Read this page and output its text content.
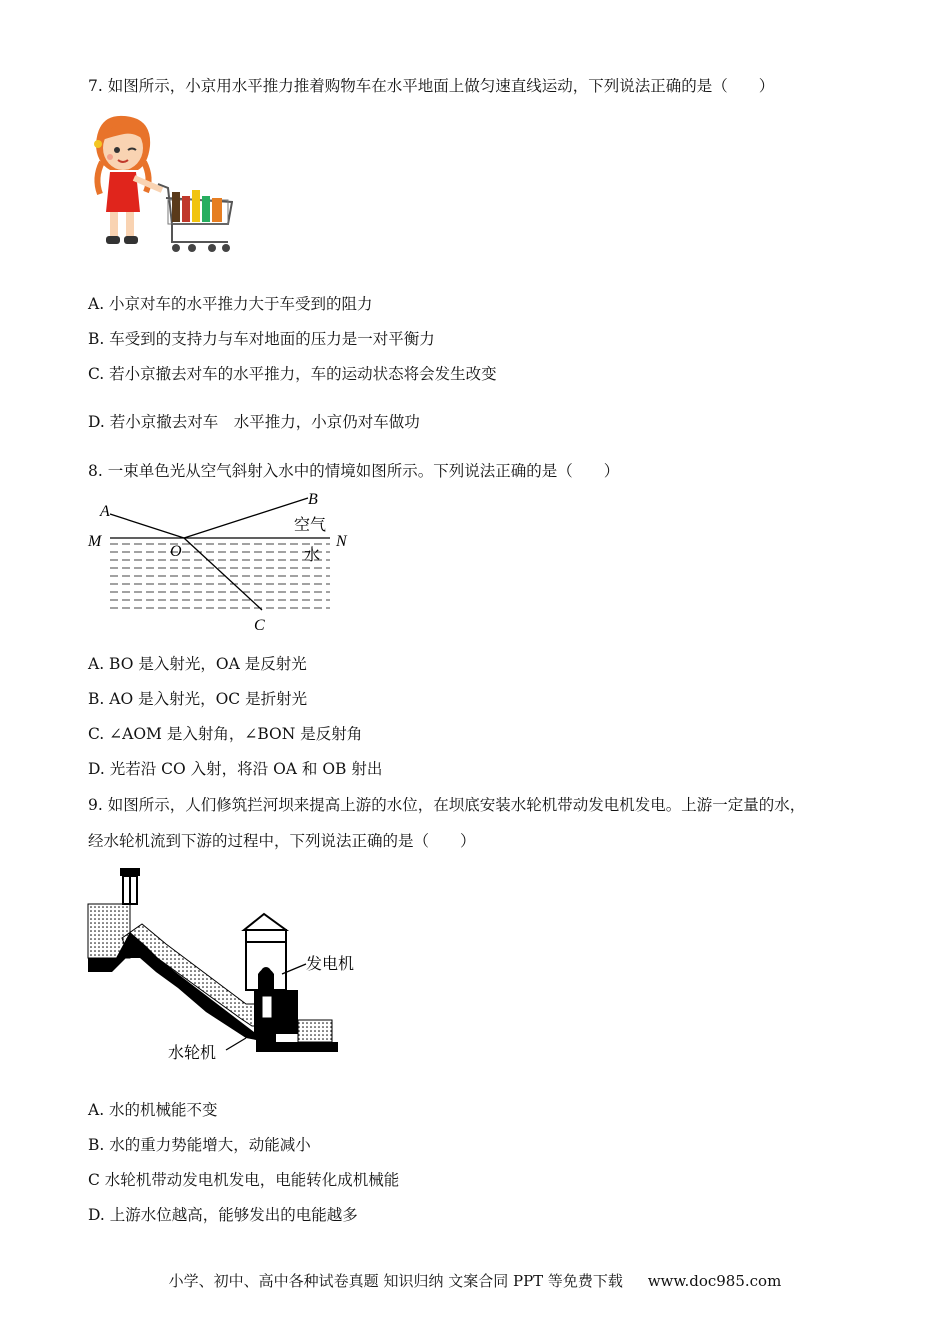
7. 如图所示，小京用水平推力推着购物车在水平地面上做匀速直线运动，下列说法正确的是（　　）
A. 小京对车的水平推力大于车受到的阻力
B. 车受到的支持力与车对地面的压力是一对平衡力
C. 若小京撤去对车的水平推力，车的运动状态将会发生改变
D. 若小京撤去对车　水平推力，小京仍对车做功
8. 一束单色光从空气斜射入水中的情境如图所示。下列说法正确的是（　　）
A
B
M	N
O
C
空气
水
A. BO 是入射光，OA 是反射光
B. AO 是入射光，OC 是折射光
C. ∠AOM 是入射角，∠BON 是反射角
D. 光若沿 CO 入射，将沿 OA 和 OB 射出
9. 如图所示，人们修筑拦河坝来提高上游的水位，在坝底安装水轮机带动发电机发电。上游一定量的水，
经水轮机流到下游的过程中，下列说法正确的是（　　）
发电机
水轮机
A. 水的机械能不变
B. 水的重力势能增大，动能减小
C 水轮机带动发电机发电，电能转化成机械能
D. 上游水位越高，能够发出的电能越多
小学、初中、高中各种试卷真题 知识归纳 文案合同 PPT 等免费下载 www.doc985.com
